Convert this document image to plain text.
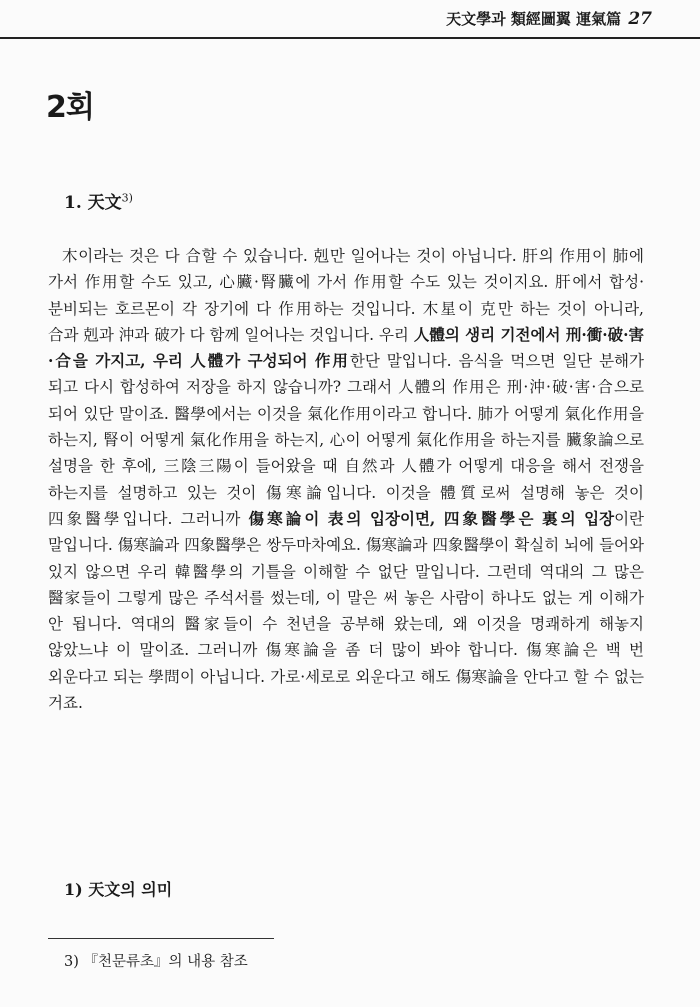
天文學과 類經圖翼 運氣篇 27
2회
1. 天文$^{3)}$

木이라는 것은 다 合할 수 있습니다. 剋만 일어나는 것이 아닙니다. 肝의 作用이 肺에 가서 作用할 수도 있고, 心臟·腎臟에 가서 作用할 수도 있는 것이지요. 肝에서 합성·분비되는 호르몬이 각 장기에 다 作用하는 것입니다. 木星이 克만 하는 것이 아니라, 合과 剋과 沖과 破가 다 함께 일어나는 것입니다. 우리 人體의 생리 기전에서 刑·衝·破·害·合을 가지고, 우리 人體가 구성되어 作用한단 말입니다. 음식을 먹으면 일단 분해가 되고 다시 합성하여 저장을 하지 않습니까? 그래서 人體의 作用은 刑·沖·破·害·合으로 되어 있단 말이죠. 醫學에서는 이것을 氣化作用이라고 합니다. 肺가 어떻게 氣化作用을 하는지, 腎이 어떻게 氣化作用을 하는지, 心이 어떻게 氣化作用을 하는지를 臟象論으로 설명을 한 후에, 三陰三陽이 들어왔을 때 自然과 人體가 어떻게 대응을 해서 전쟁을 하는지를 설명하고 있는 것이 傷寒論입니다. 이것을 體質로써 설명해 놓은 것이 四象醫學입니다. 그러니까 傷寒論이 表의 입장이면, 四象醫學은 裏의 입장이란 말입니다. 傷寒論과 四象醫學은 쌍두마차예요. 傷寒論과 四象醫學이 확실히 뇌에 들어와 있지 않으면 우리 韓醫學의 기틀을 이해할 수 없단 말입니다. 그런데 역대의 그 많은 醫家들이 그렇게 많은 주석서를 썼는데, 이 말은 써 놓은 사람이 하나도 없는 게 이해가 안 됩니다. 역대의 醫家들이 수 천년을 공부해 왔는데, 왜 이것을 명쾌하게 해놓지 않았느냐 이 말이죠. 그러니까 傷寒論을 좀 더 많이 봐야 합니다. 傷寒論은 백 번 외운다고 되는 學問이 아닙니다. 가로·세로로 외운다고 해도 傷寒論을 안다고 할 수 없는 거죠.

1) 天文의 의미
3) 『천문류초』의 내용 참조
